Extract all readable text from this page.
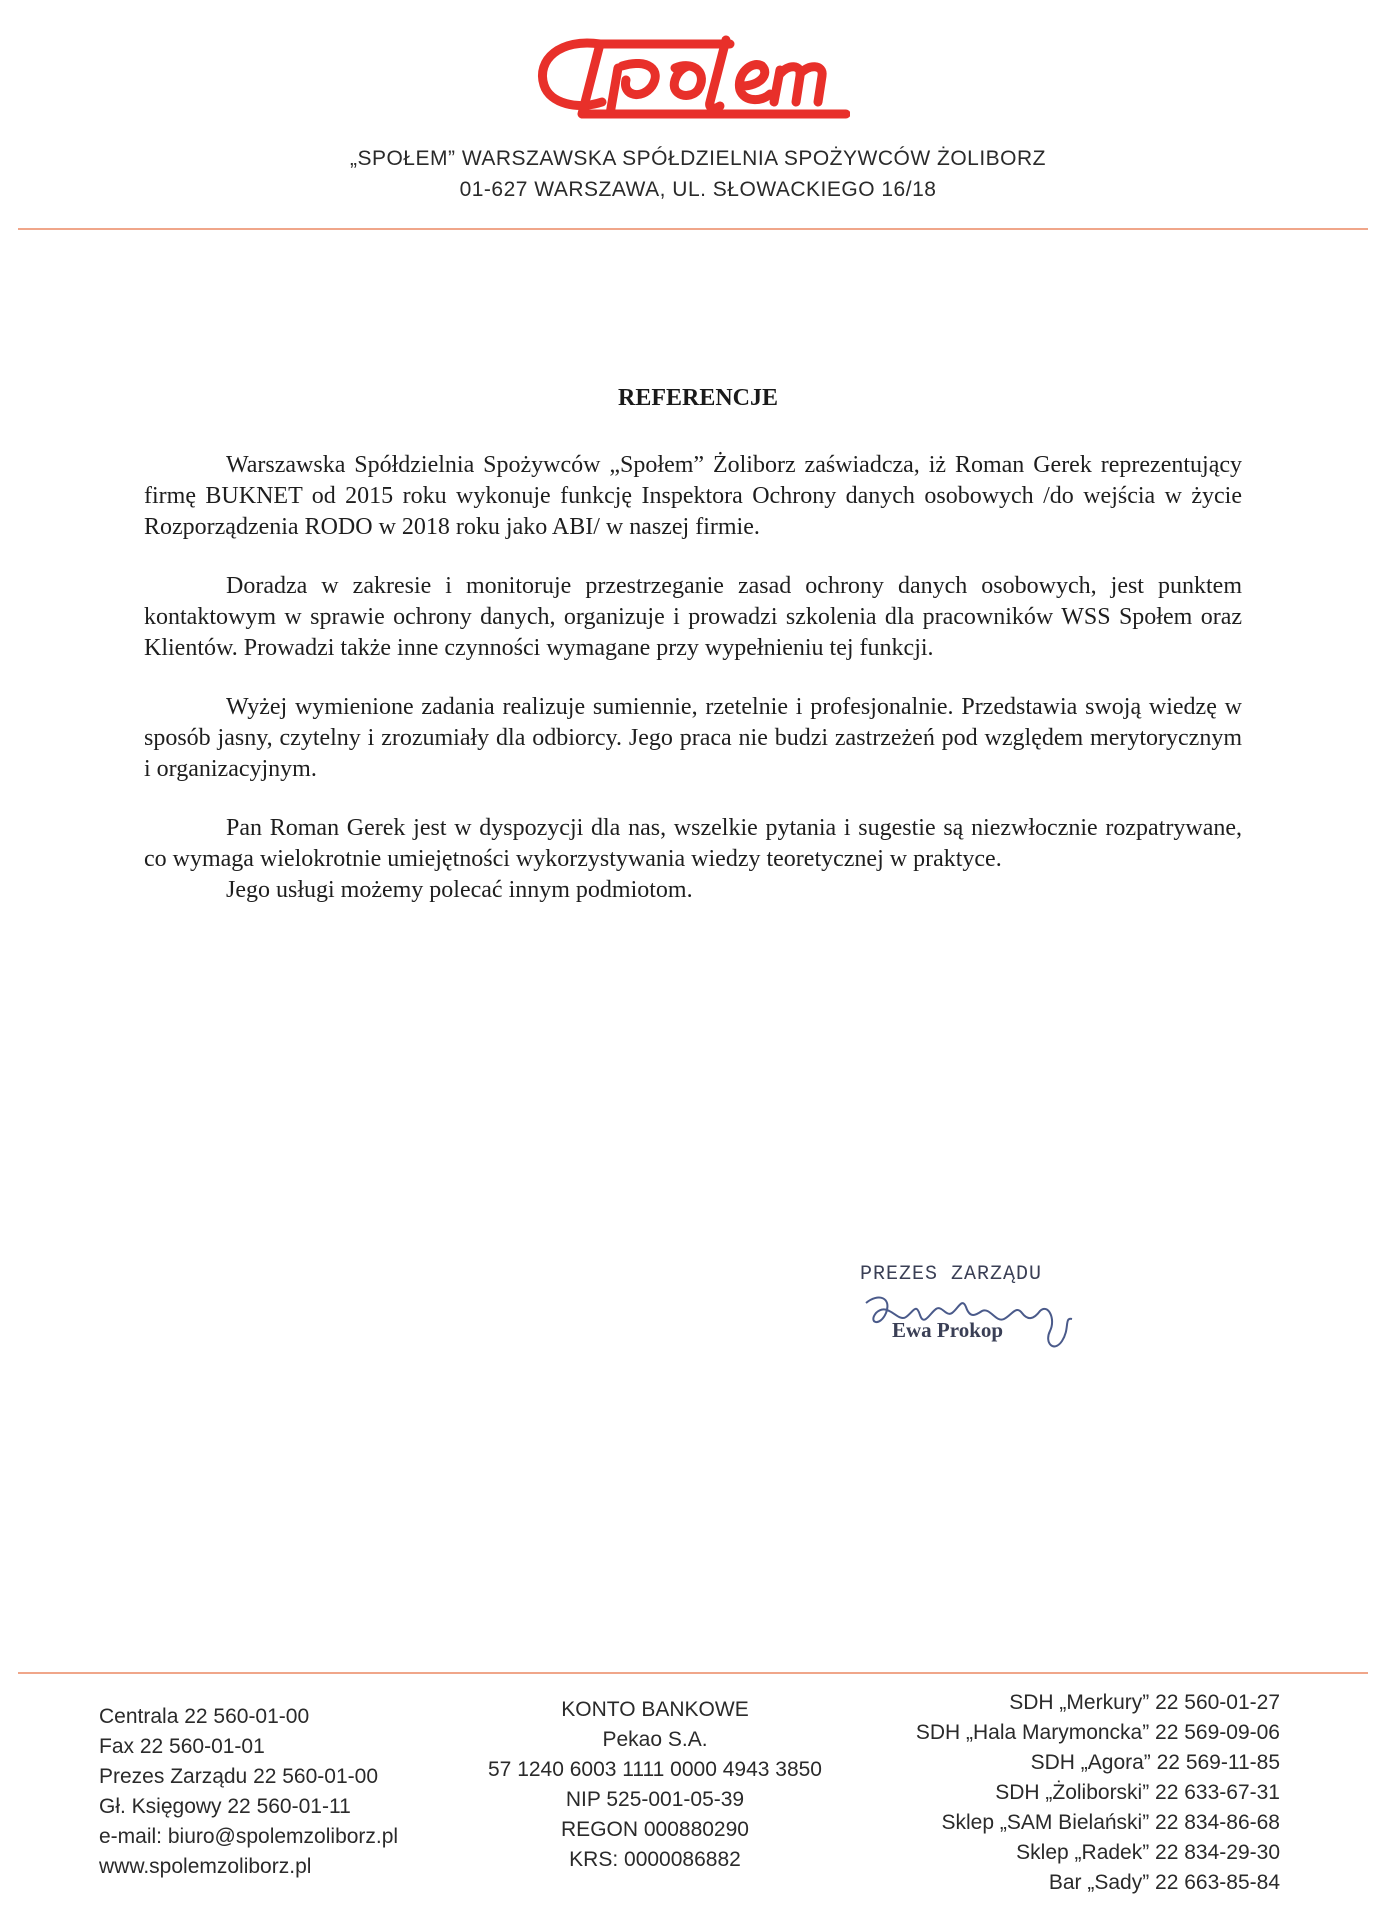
„SPOŁEM” WARSZAWSKA SPÓŁDZIELNIA SPOŻYWCÓW ŻOLIBORZ
01-627 WARSZAWA, UL. SŁOWACKIEGO 16/18
REFERENCJE

Warszawska Spółdzielnia Spożywców „Społem” Żoliborz zaświadcza, iż Roman Gerek reprezentujący firmę BUKNET od 2015 roku wykonuje funkcję Inspektora Ochrony danych osobowych /do wejścia w życie Rozporządzenia RODO w 2018 roku jako ABI/ w naszej firmie.

Doradza w zakresie i monitoruje przestrzeganie zasad ochrony danych osobowych, jest punktem kontaktowym w sprawie ochrony danych, organizuje i prowadzi szkolenia dla pracowników WSS Społem oraz Klientów. Prowadzi także inne czynności wymagane przy wypełnieniu tej funkcji.

Wyżej wymienione zadania realizuje sumiennie, rzetelnie i profesjonalnie. Przedstawia swoją wiedzę w sposób jasny, czytelny i zrozumiały dla odbiorcy. Jego praca nie budzi zastrzeżeń pod względem merytorycznym i organizacyjnym.

Pan Roman Gerek jest w dyspozycji dla nas, wszelkie pytania i sugestie są niezwłocznie rozpatrywane, co wymaga wielokrotnie umiejętności wykorzystywania wiedzy teoretycznej w praktyce.

Jego usługi możemy polecać innym podmiotom.

PREZES ZARZĄDU
Ewa Prokop
Centrala 22 560-01-00
Fax 22 560-01-01
Prezes Zarządu 22 560-01-00
Gł. Księgowy 22 560-01-11
e-mail: biuro@spolemzoliborz.pl
www.spolemzoliborz.pl
KONTO BANKOWE
Pekao S.A.
57 1240 6003 1111 0000 4943 3850
NIP 525-001-05-39
REGON 000880290
KRS: 0000086882
SDH „Merkury” 22 560-01-27
SDH „Hala Marymoncka” 22 569-09-06
SDH „Agora” 22 569-11-85
SDH „Żoliborski” 22 633-67-31
Sklep „SAM Bielański” 22 834-86-68
Sklep „Radek” 22 834-29-30
Bar „Sady” 22 663-85-84
